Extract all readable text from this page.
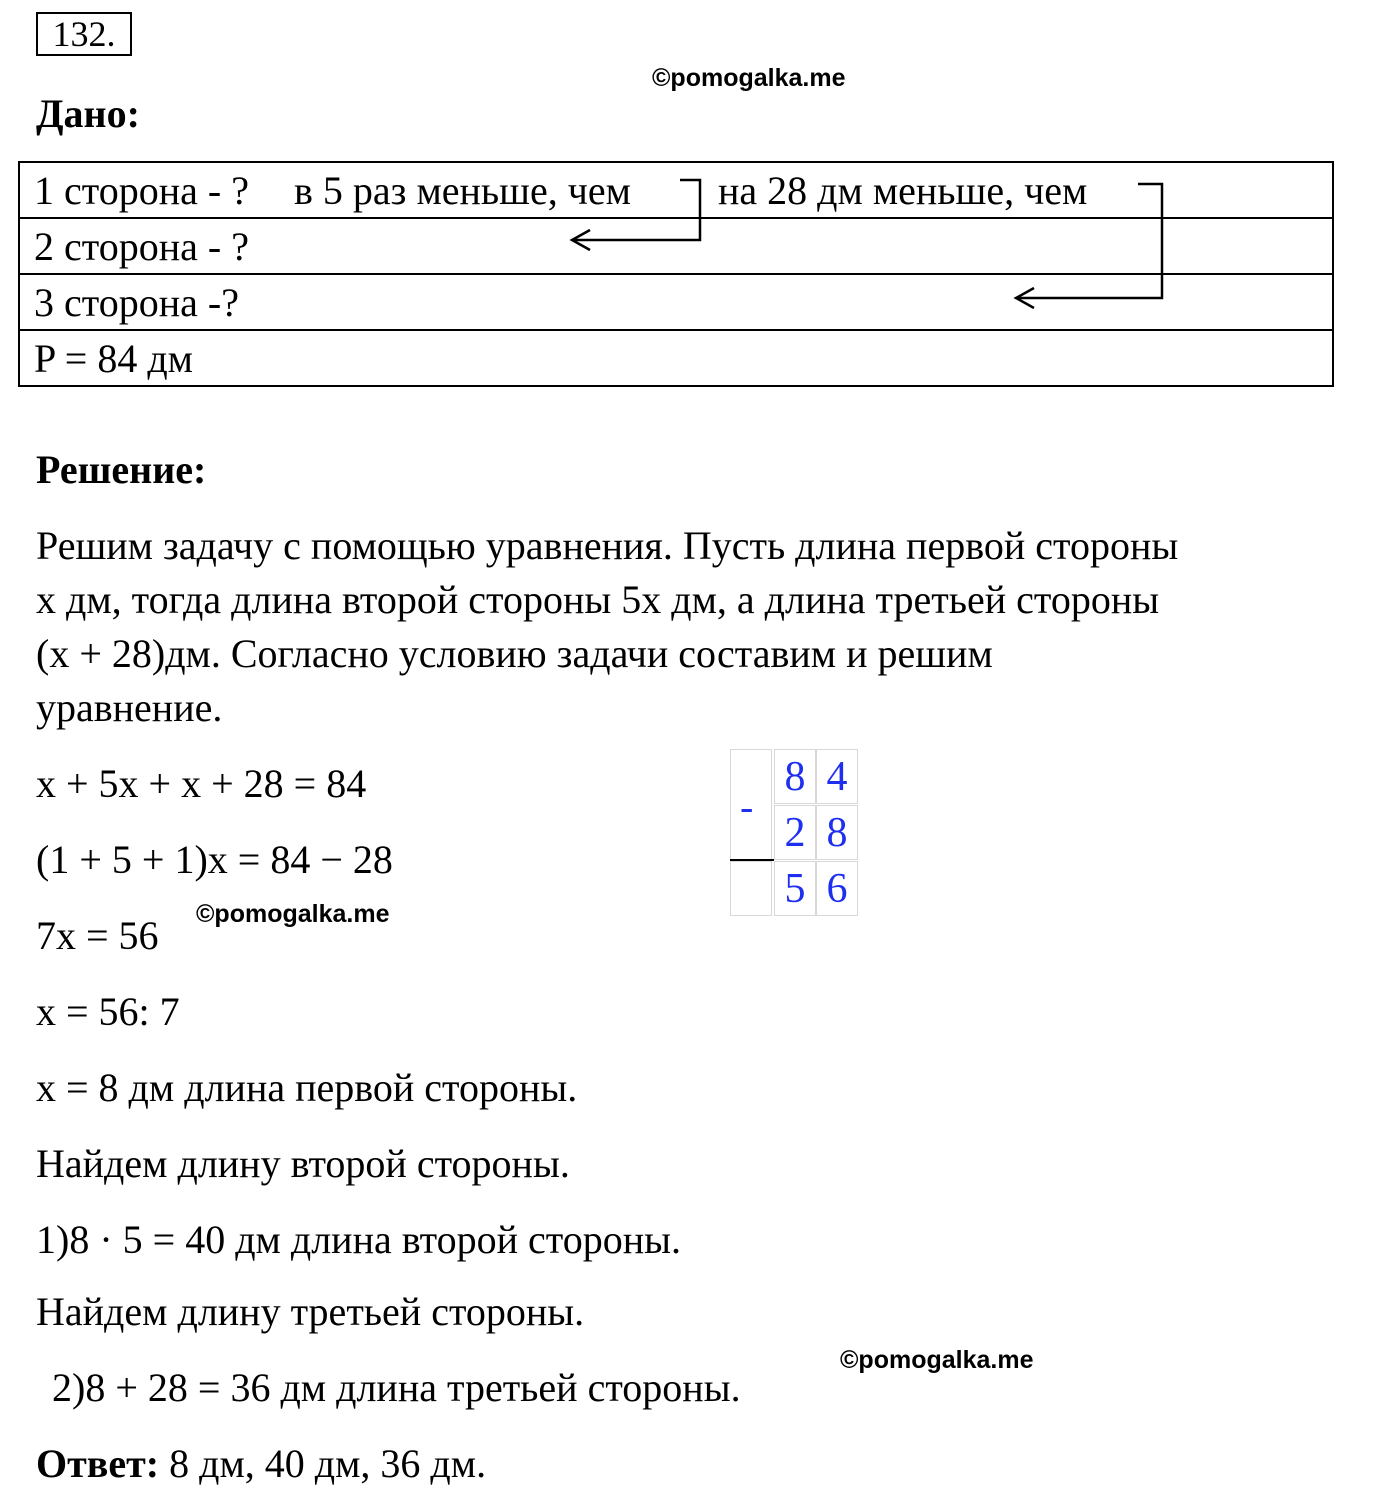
132.
©pomogalka.me
©pomogalka.me
©pomogalka.me
Дано:
1 сторона - ? в 5 раз меньше, чем на 28 дм меньше, чем
2 сторона - ?
3 сторона -?
P = 84 дм
Решение:
Решим задачу с помощью уравнения. Пусть длина первой стороны
x дм, тогда длина второй стороны 5x дм, а длина третьей стороны
(x + 28)дм. Согласно условию задачи составим и решим
уравнение.
x + 5x + x + 28 = 84
(1 + 5 + 1)x = 84 − 28
7x = 56
x = 56: 7
x = 8 дм длина первой стороны.
Найдем длину второй стороны.
1)8 · 5 = 40 дм длина второй стороны.
Найдем длину третьей стороны.
2)8 + 28 = 36 дм длина третьей стороны.
-
8 4
2 8
5 6
Ответ: 8 дм, 40 дм, 36 дм.
